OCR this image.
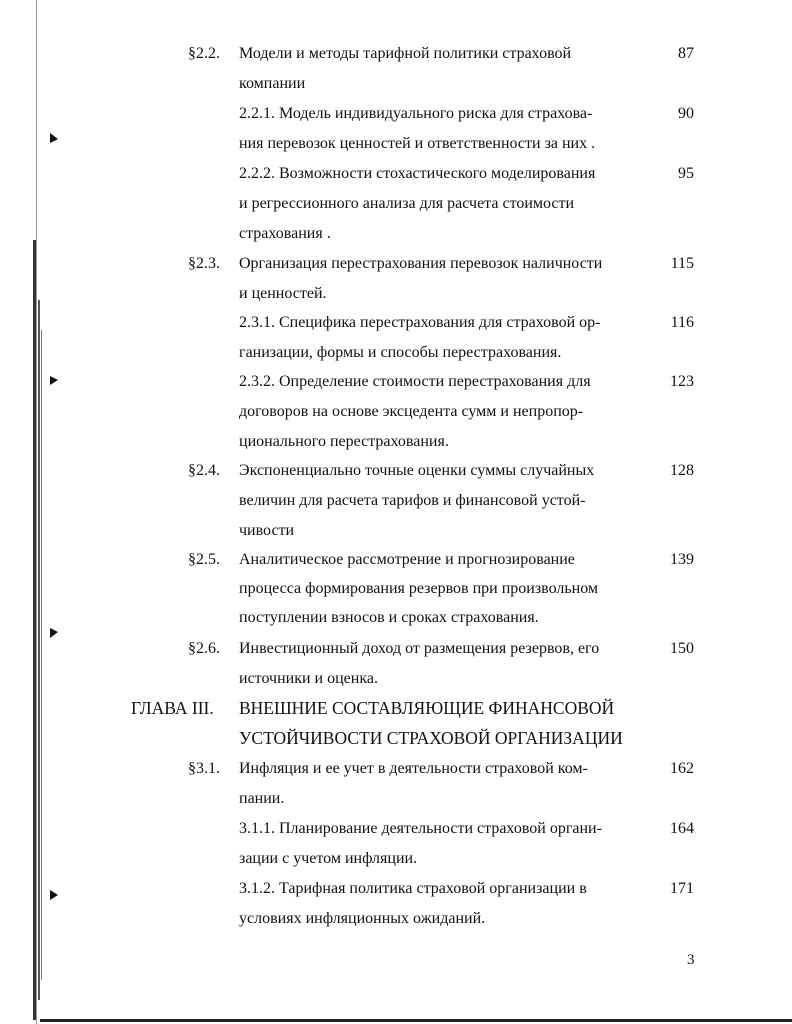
§2.2. Модели и методы тарифной политики страховой
компании
87
2.2.1. Модель индивидуального риска для страхова-
ния перевозок ценностей и ответственности за них .
90
2.2.2. Возможности стохастического моделирования
и регрессионного анализа для расчета стоимости
страхования .
95
§2.3. Организация перестрахования перевозок наличности
и ценностей.
115
2.3.1. Специфика перестрахования для страховой ор-
ганизации, формы и способы перестрахования.
116
2.3.2. Определение стоимости перестрахования для
договоров на основе эксцедента сумм и непропор-
ционального перестрахования.
123
§2.4. Экспоненциально точные оценки суммы случайных
величин для расчета тарифов и финансовой устой-
чивости
128
§2.5. Аналитическое рассмотрение и прогнозирование
процесса формирования резервов при произвольном
поступлении взносов и сроках страхования.
139
§2.6. Инвестиционный доход от размещения резервов, его
источники и оценка.
150
ГЛАВА III. ВНЕШНИЕ СОСТАВЛЯЮЩИЕ ФИНАНСОВОЙ
УСТОЙЧИВОСТИ СТРАХОВОЙ ОРГАНИЗАЦИИ
§3.1. Инфляция и ее учет в деятельности страховой ком-
пании.
162
3.1.1. Планирование деятельности страховой органи-
зации с учетом инфляции.
164
3.1.2. Тарифная политика страховой организации в
условиях инфляционных ожиданий.
171
3
